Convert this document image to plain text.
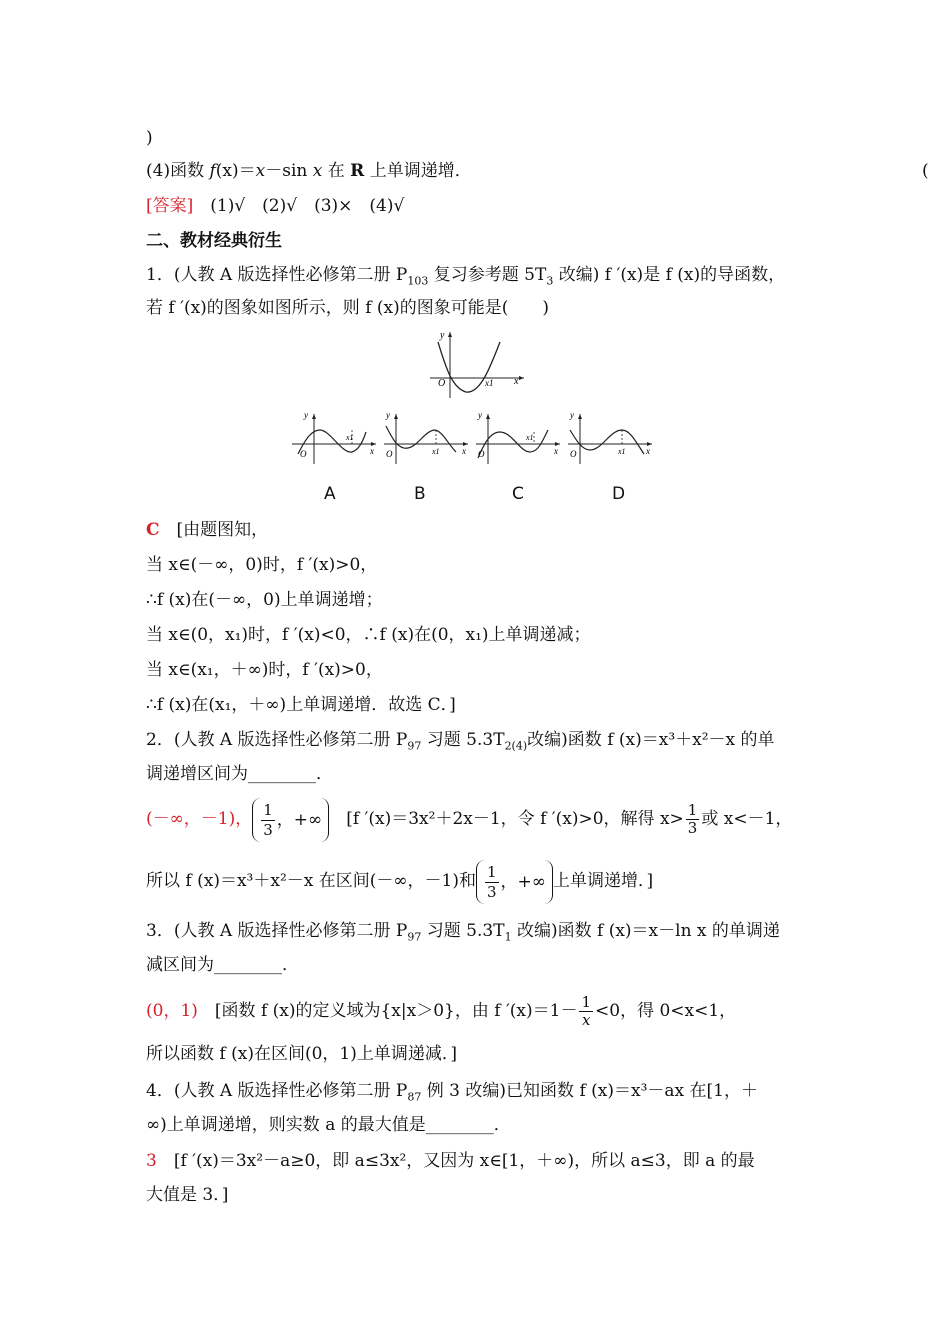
)
(4)函数 f(x)＝x－sin x 在 R 上单调递增．	(
[答案]　 (1)√　(2)√　(3)×　(4)√
二、教材经典衍生
1．(人教 A 版选择性必修第二册 $P_{103}$ 复习参考题 $5T_3$ 改编) f ′(x)是 f (x)的导函数，
若 f ′(x)的图象如图所示，则 f (x)的图象可能是(　　)
y
x
O	x1
y
x
O
x1
y
x
O	x1
y
x
O
x1
y
x
O	x1
A	B	C	D
C　 [由题图知，
当 x∈(－∞，0)时，f ′(x)>0，
∴f (x)在(－∞，0)上单调递增；
当 x∈(0，x₁)时，f ′(x)<0，∴f (x)在(0，x₁)上单调递减；
当 x∈(x₁，＋∞)时，f ′(x)>0，
∴f (x)在(x₁，＋∞)上单调递增．故选 C．]
2．(人教 A 版选择性必修第二册 $P_{97}$ 习题 $5.3T_{2(4)}$改编)函数 f (x)＝x³＋x²－x 的单
调递增区间为________．
(－∞，－1)， $\frac{1}{3}$ ，+∞　 [f ′(x)＝3x²＋2x－1，令 f ′(x)>0，解得 $x> \frac{1}{3}$ 或 x<－1，
所以 f (x)＝x³＋x²－x 在区间(－∞，－1)和 $\frac{1}{3}$ ，+∞ 上单调递增．]
3．(人教 A 版选择性必修第二册 $P_{97}$ 习题 $5.3T_1$ 改编)函数 f (x)＝x－ln x 的单调递
减区间为________．
(0，1)　 [函数 f (x)的定义域为{x|x＞0}，由 f $'(x)=1- \frac{1}{x} <0$，得 0<x<1，
所以函数 f (x)在区间(0，1)上单调递减．]
4．(人教 A 版选择性必修第二册 $P_{87}$ 例 3 改编)已知函数 f (x)＝x³－ax 在[1，＋
∞)上单调递增，则实数 a 的最大值是________．
3　 [f ′(x)＝3x²－a≥0，即 a≤3x²，又因为 x∈[1，＋∞)，所以 a≤3，即 a 的最
大值是 3．]
